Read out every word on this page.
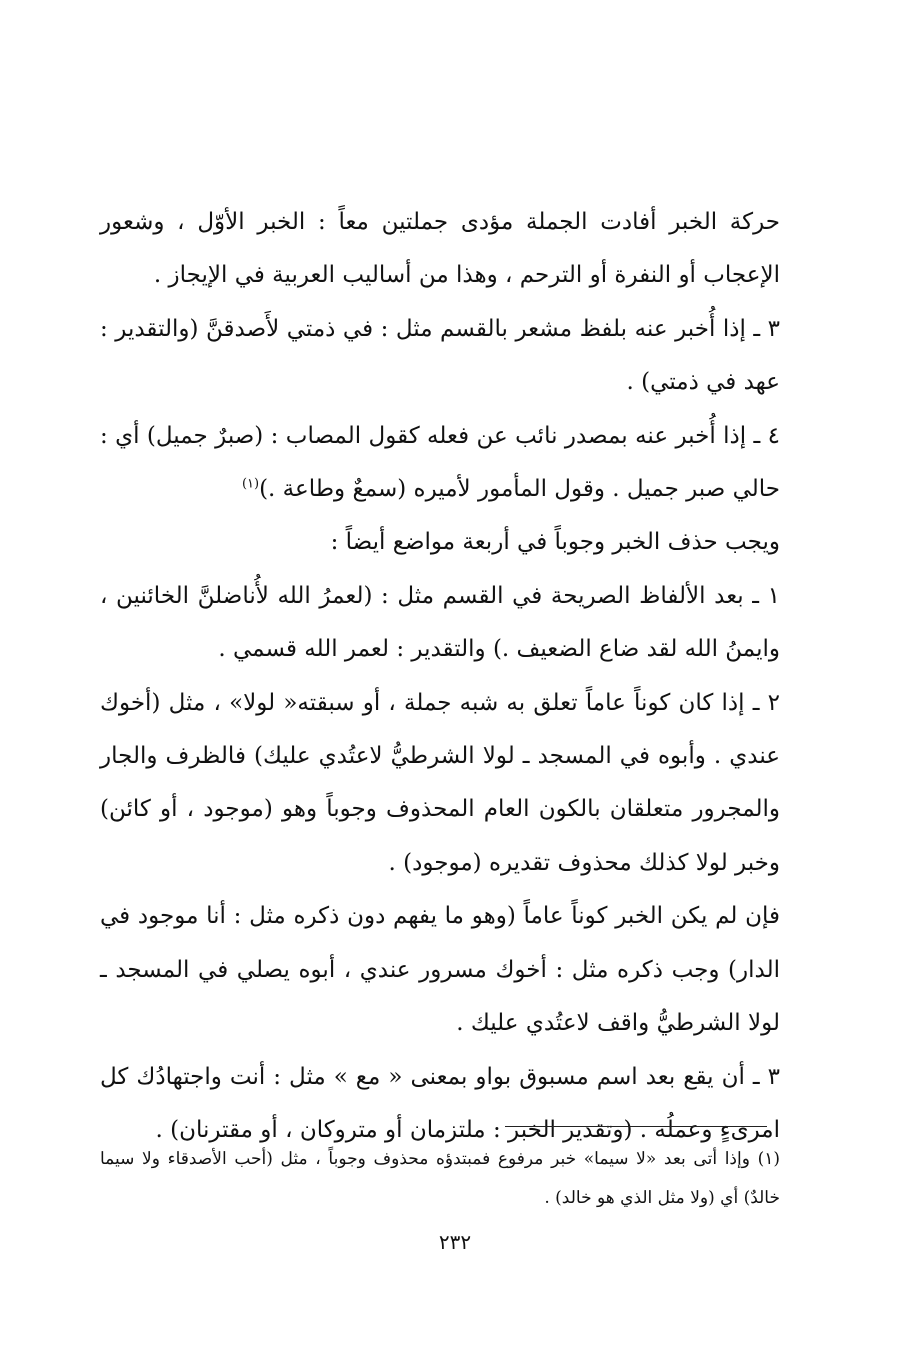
حركة الخبر أفادت الجملة مؤدى جملتين معاً : الخبر الأوّل ، وشعور الإعجاب أو النفرة أو الترحم ، وهذا من أساليب العربية في الإيجاز .

٣ ـ إذا أُخبر عنه بلفظ مشعر بالقسم مثل : في ذمتي لأَصدقنَّ (والتقدير : عهد في ذمتي) .

٤ ـ إذا أُخبر عنه بمصدر نائب عن فعله كقول المصاب : (صبرٌ جميل) أي : حالي صبر جميل . وقول المأمور لأميره (سمعٌ وطاعة .)$^{(١)}$

ويجب حذف الخبر وجوباً في أربعة مواضع أيضاً :

١ ـ بعد الألفاظ الصريحة في القسم مثل : (لعمرُ الله لأُناضلنَّ الخائنين ، وايمنُ الله لقد ضاع الضعيف .) والتقدير : لعمر الله قسمي .

٢ ـ إذا كان كوناً عاماً تعلق به شبه جملة ، أو سبقته« لولا» ، مثل (أخوك عندي . وأبوه في المسجد ـ لولا الشرطيُّ لاعتُدي عليك) فالظرف والجار والمجرور متعلقان بالكون العام المحذوف وجوباً وهو (موجود ، أو كائن) وخبر لولا كذلك محذوف تقديره (موجود) .

فإن لم يكن الخبر كوناً عاماً (وهو ما يفهم دون ذكره مثل : أنا موجود في الدار) وجب ذكره مثل : أخوك مسرور عندي ، أبوه يصلي في المسجد ـ لولا الشرطيُّ واقف لاعتُدي عليك .

٣ ـ أن يقع بعد اسم مسبوق بواو بمعنى « مع » مثل : أنت واجتهادُك كل امرىءٍ وعملُه . (وتقدير الخبر : ملتزمان أو متروكان ، أو مقترنان) .

(١) وإذا أتى بعد «لا سيما» خبر مرفوع فمبتدؤه محذوف وجوباً ، مثل (أحب الأصدقاء ولا سيما خالدٌ) أي (ولا مثل الذي هو خالد) .

٢٣٢
